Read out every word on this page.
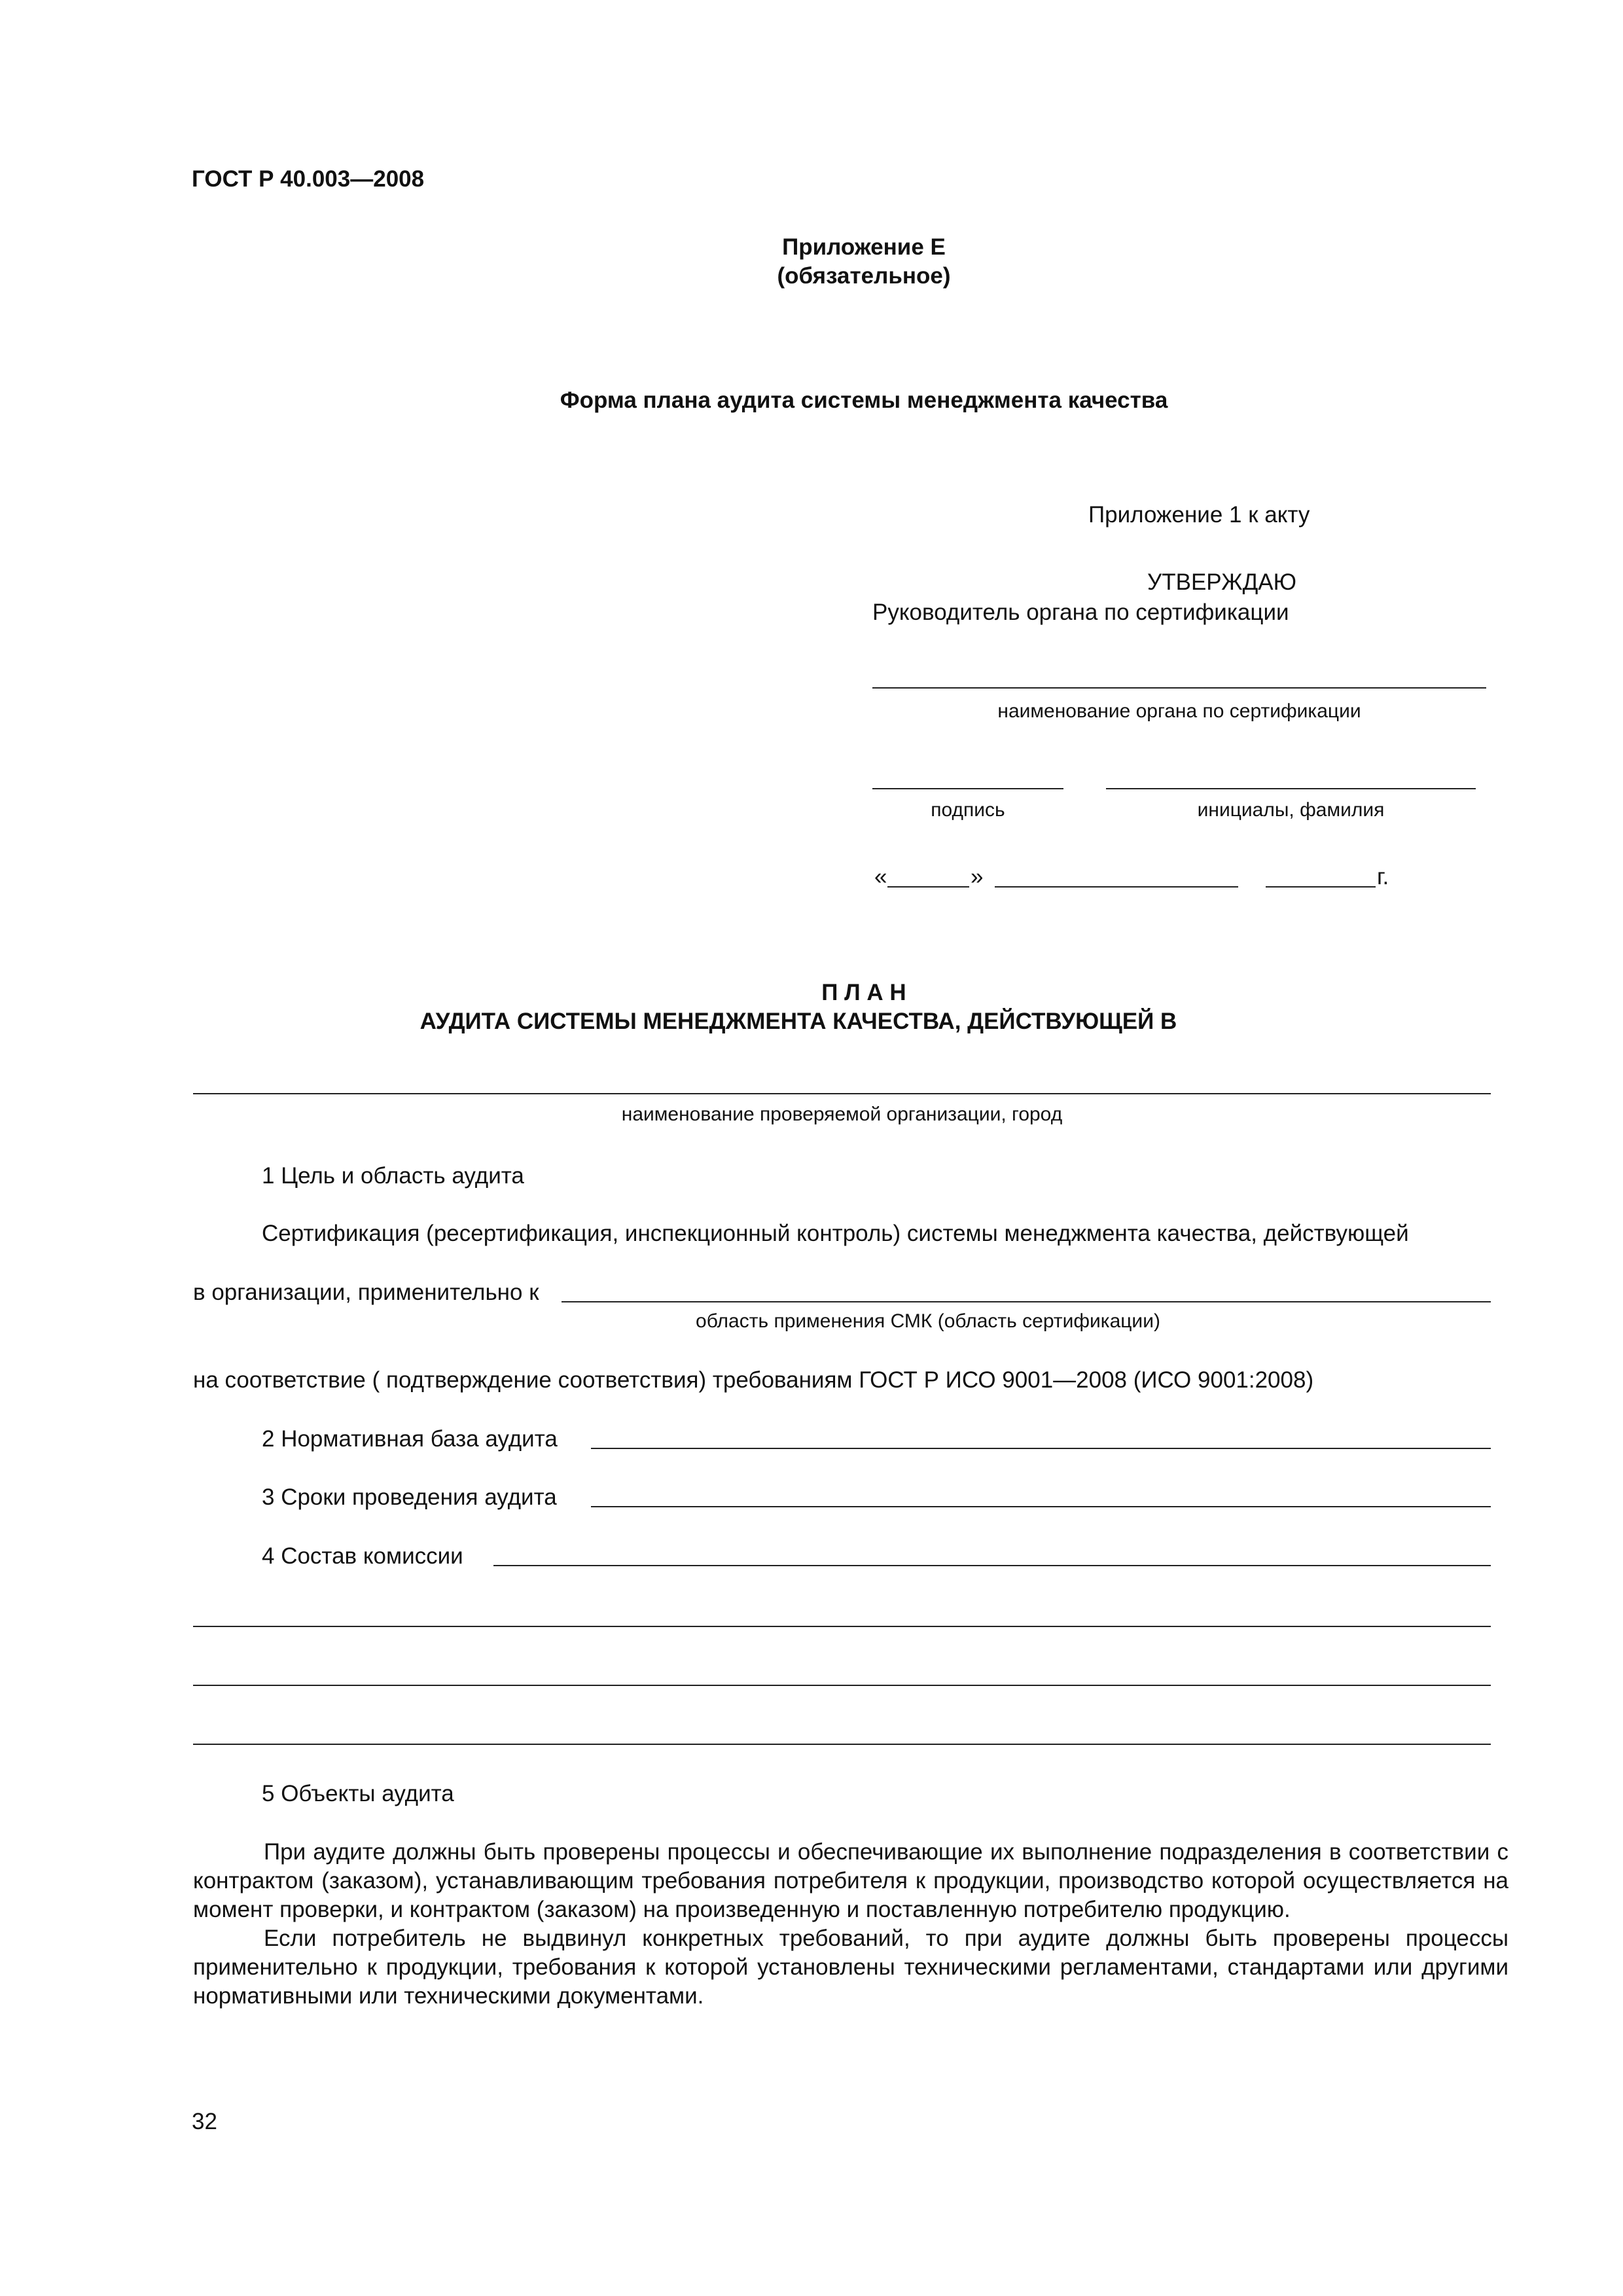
ГОСТ Р 40.003—2008
Приложение Е
(обязательное)
Форма плана аудита системы менеджмента качества
Приложение 1 к акту
УТВЕРЖДАЮ
Руководитель органа по сертификации
наименование органа по сертификации
подпись	инициалы, фамилия
«	»	г.
П Л А Н
АУДИТА СИСТЕМЫ МЕНЕДЖМЕНТА КАЧЕСТВА, ДЕЙСТВУЮЩЕЙ В
наименование проверяемой организации, город
1 Цель и область аудита
Сертификация (ресертификация, инспекционный контроль) системы менеджмента качества, действующей
в организации, применительно к
область применения СМК (область сертификации)
на соответствие ( подтверждение соответствия) требованиям ГОСТ Р ИСО 9001—2008 (ИСО 9001:2008)
2 Нормативная база аудита
3 Сроки проведения аудита
4 Состав комиссии
5 Объекты аудита

При аудите должны быть проверены процессы и обеспечивающие их выполнение подразделения в соответствии с контрактом (заказом), устанавливающим требования потребителя к продукции, производство которой осуществляется на момент проверки, и контрактом (заказом) на произведенную и поставленную потребителю продукцию.

Если потребитель не выдвинул конкретных требований, то при аудите должны быть проверены процессы применительно к продукции, требования к которой установлены техническими регламентами, стандартами или другими нормативными или техническими документами.

32
